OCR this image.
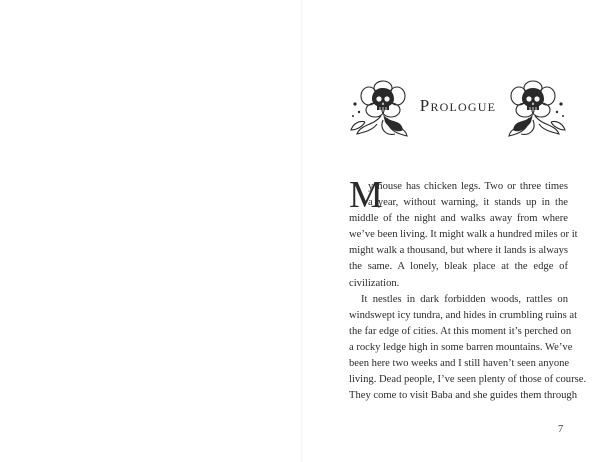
Prologue
M
y house has chicken legs. Two or three times
a year, without warning, it stands up in the
middle of the night and walks away from where
we’ve been living. It might walk a hundred miles or it
might walk a thousand, but where it lands is always
the same. A lonely, bleak place at the edge of
civilization.
It nestles in dark forbidden woods, rattles on
windswept icy tundra, and hides in crumbling ruins at
the far edge of cities. At this moment it’s perched on
a rocky ledge high in some barren mountains. We’ve
been here two weeks and I still haven’t seen anyone
living. Dead people, I’ve seen plenty of those of course.
They come to visit Baba and she guides them through
7
